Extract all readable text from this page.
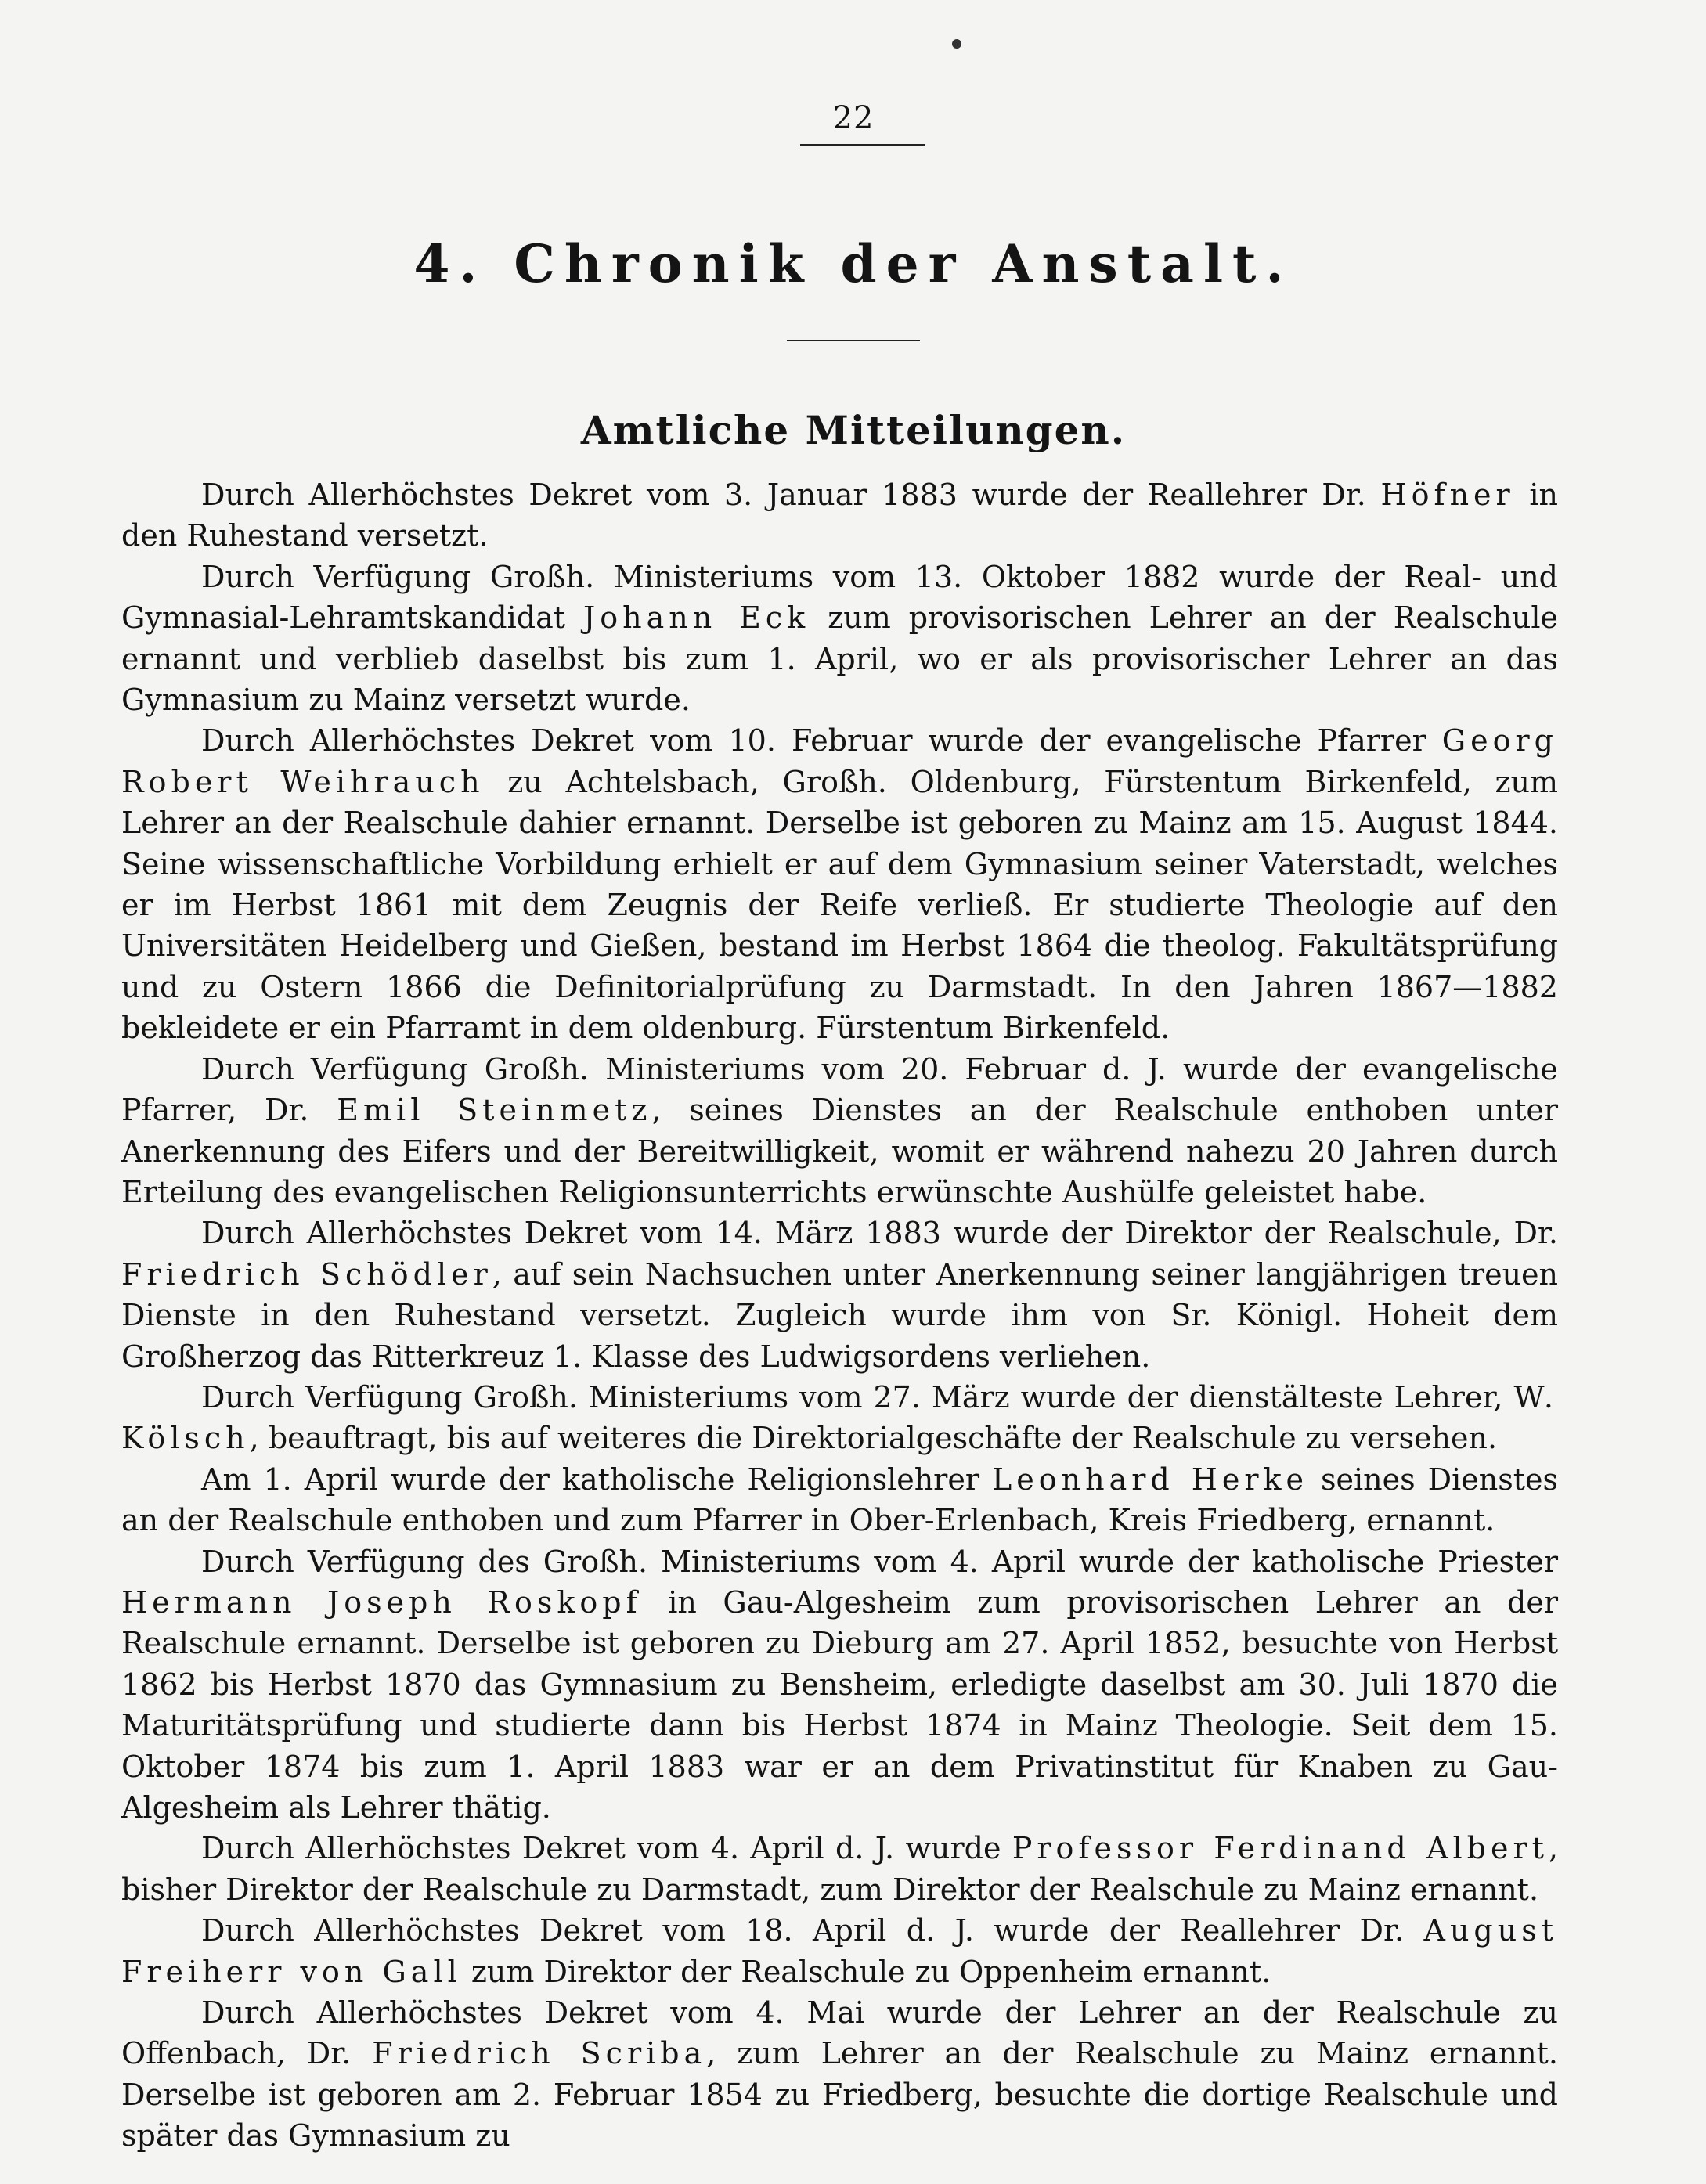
22
4. Chronik der Anstalt.
Amtliche Mitteilungen.

Durch Allerhöchstes Dekret vom 3. Januar 1883 wurde der Reallehrer Dr. Höfner in den Ruhestand versetzt.

Durch Verfügung Großh. Ministeriums vom 13. Oktober 1882 wurde der Real- und Gymnasial-Lehramtskandidat Johann Eck zum provisorischen Lehrer an der Realschule ernannt und verblieb daselbst bis zum 1. April, wo er als provisorischer Lehrer an das Gymnasium zu Mainz versetzt wurde.

Durch Allerhöchstes Dekret vom 10. Februar wurde der evangelische Pfarrer Georg Robert Weihrauch zu Achtelsbach, Großh. Oldenburg, Fürstentum Birkenfeld, zum Lehrer an der Realschule dahier ernannt. Derselbe ist geboren zu Mainz am 15. August 1844. Seine wissenschaftliche Vorbildung erhielt er auf dem Gymnasium seiner Vaterstadt, welches er im Herbst 1861 mit dem Zeugnis der Reife verließ. Er studierte Theologie auf den Universitäten Heidelberg und Gießen, bestand im Herbst 1864 die theolog. Fakultätsprüfung und zu Ostern 1866 die Definitorialprüfung zu Darmstadt. In den Jahren 1867—1882 bekleidete er ein Pfarramt in dem oldenburg. Fürstentum Birkenfeld.

Durch Verfügung Großh. Ministeriums vom 20. Februar d. J. wurde der evangelische Pfarrer, Dr. Emil Steinmetz, seines Dienstes an der Realschule enthoben unter Anerkennung des Eifers und der Bereitwilligkeit, womit er während nahezu 20 Jahren durch Erteilung des evangelischen Religionsunterrichts erwünschte Aushülfe geleistet habe.

Durch Allerhöchstes Dekret vom 14. März 1883 wurde der Direktor der Realschule, Dr. Friedrich Schödler, auf sein Nachsuchen unter Anerkennung seiner langjährigen treuen Dienste in den Ruhestand versetzt. Zugleich wurde ihm von Sr. Königl. Hoheit dem Großherzog das Ritterkreuz 1. Klasse des Ludwigsordens verliehen.

Durch Verfügung Großh. Ministeriums vom 27. März wurde der dienstälteste Lehrer, W. Kölsch, beauftragt, bis auf weiteres die Direktorialgeschäfte der Realschule zu versehen.

Am 1. April wurde der katholische Religionslehrer Leonhard Herke seines Dienstes an der Realschule enthoben und zum Pfarrer in Ober-Erlenbach, Kreis Friedberg, ernannt.

Durch Verfügung des Großh. Ministeriums vom 4. April wurde der katholische Priester Hermann Joseph Roskopf in Gau-Algesheim zum provisorischen Lehrer an der Realschule ernannt. Derselbe ist geboren zu Dieburg am 27. April 1852, besuchte von Herbst 1862 bis Herbst 1870 das Gymnasium zu Bensheim, erledigte daselbst am 30. Juli 1870 die Maturitätsprüfung und studierte dann bis Herbst 1874 in Mainz Theologie. Seit dem 15. Oktober 1874 bis zum 1. April 1883 war er an dem Privatinstitut für Knaben zu Gau-Algesheim als Lehrer thätig.

Durch Allerhöchstes Dekret vom 4. April d. J. wurde Professor Ferdinand Albert, bisher Direktor der Realschule zu Darmstadt, zum Direktor der Realschule zu Mainz ernannt.

Durch Allerhöchstes Dekret vom 18. April d. J. wurde der Reallehrer Dr. August Freiherr von Gall zum Direktor der Realschule zu Oppenheim ernannt.

Durch Allerhöchstes Dekret vom 4. Mai wurde der Lehrer an der Realschule zu Offenbach, Dr. Friedrich Scriba, zum Lehrer an der Realschule zu Mainz ernannt. Derselbe ist geboren am 2. Februar 1854 zu Friedberg, besuchte die dortige Realschule und später das Gymnasium zu
